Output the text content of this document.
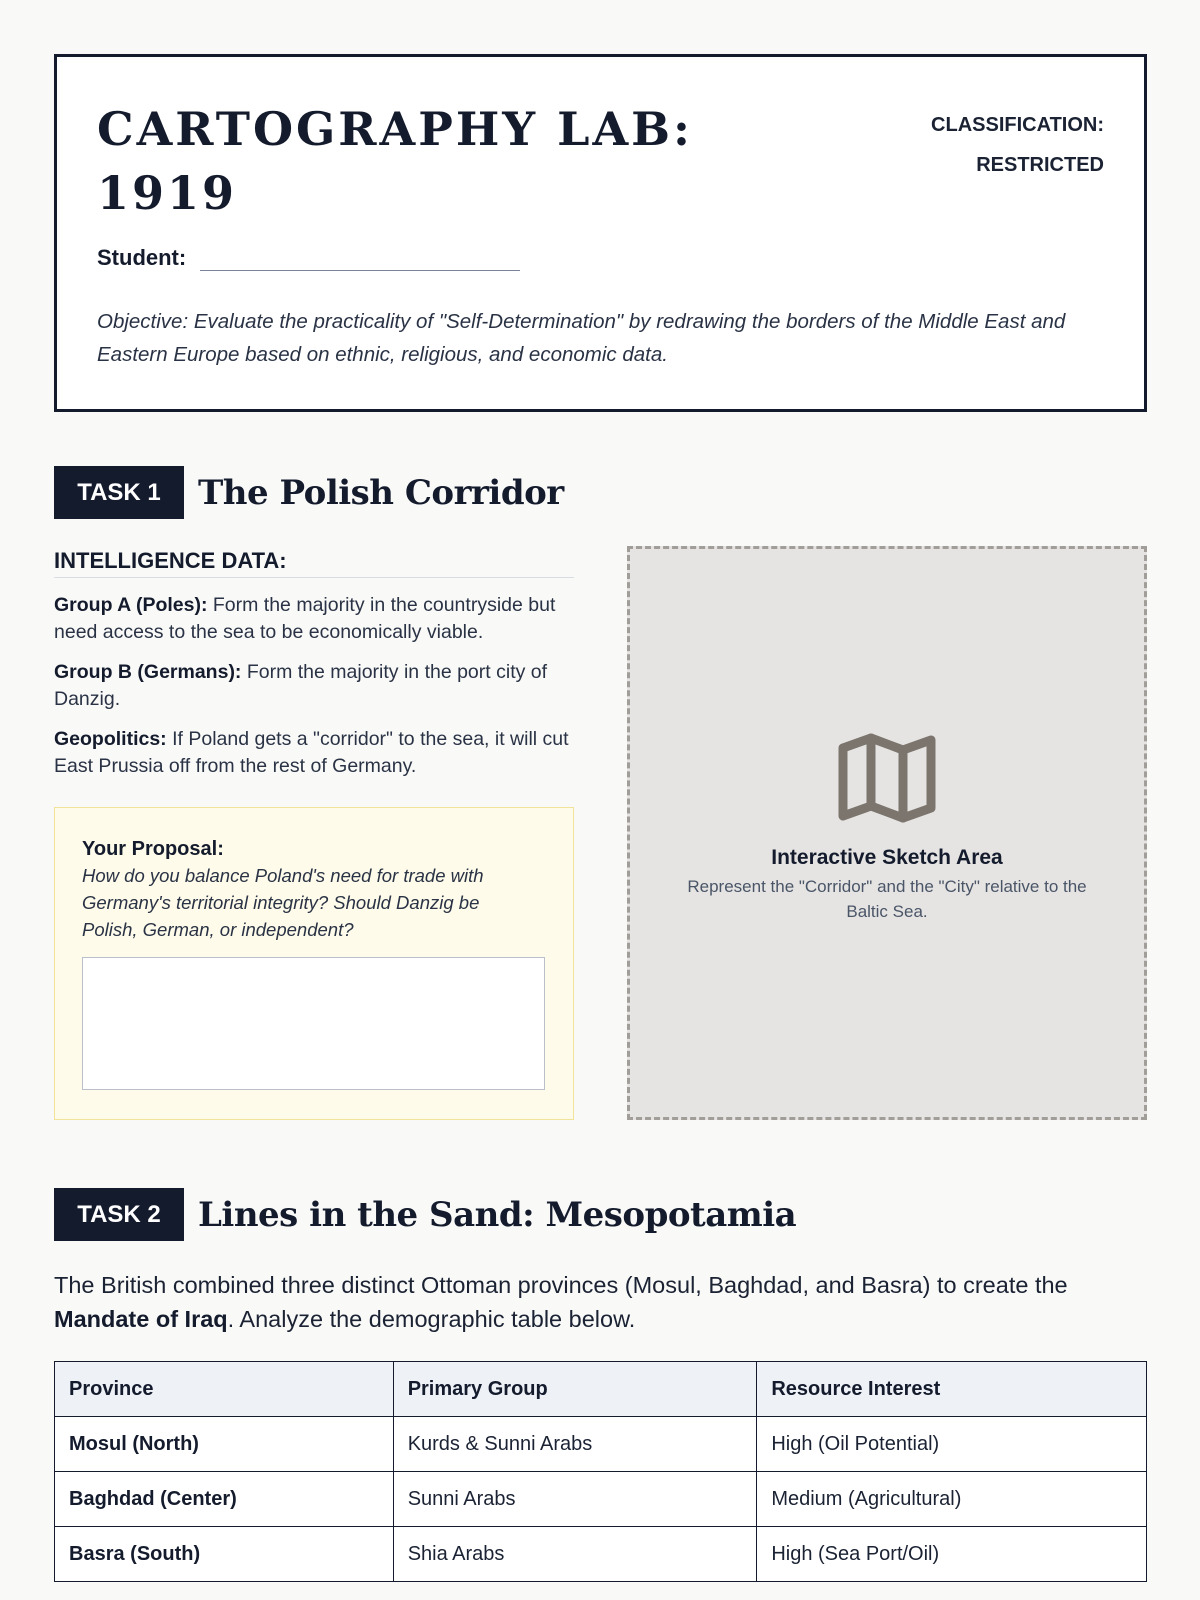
CARTOGRAPHY LAB: 1919
CLASSIFICATION:
RESTRICTED
Student:

Objective: Evaluate the practicality of "Self-Determination" by redrawing the borders of the Middle East and Eastern Europe based on ethnic, religious, and economic data.

TASK 1	The Polish Corridor
INTELLIGENCE DATA:

Group A (Poles): Form the majority in the countryside but need access to the sea to be economically viable.

Group B (Germans): Form the majority in the port city of Danzig.

Geopolitics: If Poland gets a "corridor" to the sea, it will cut East Prussia off from the rest of Germany.

Your Proposal:
How do you balance Poland's need for trade with Germany's territorial integrity? Should Danzig be Polish, German, or independent?
Interactive Sketch Area
Represent the "Corridor" and the "City" relative to the Baltic Sea.
TASK 2	Lines in the Sand: Mesopotamia

The British combined three distinct Ottoman provinces (Mosul, Baghdad, and Basra) to create the Mandate of Iraq. Analyze the demographic table below.

Province	Primary Group	Resource Interest
Mosul (North)	Kurds & Sunni Arabs	High (Oil Potential)
Baghdad (Center)	Sunni Arabs	Medium (Agricultural)
Basra (South)	Shia Arabs	High (Sea Port/Oil)
